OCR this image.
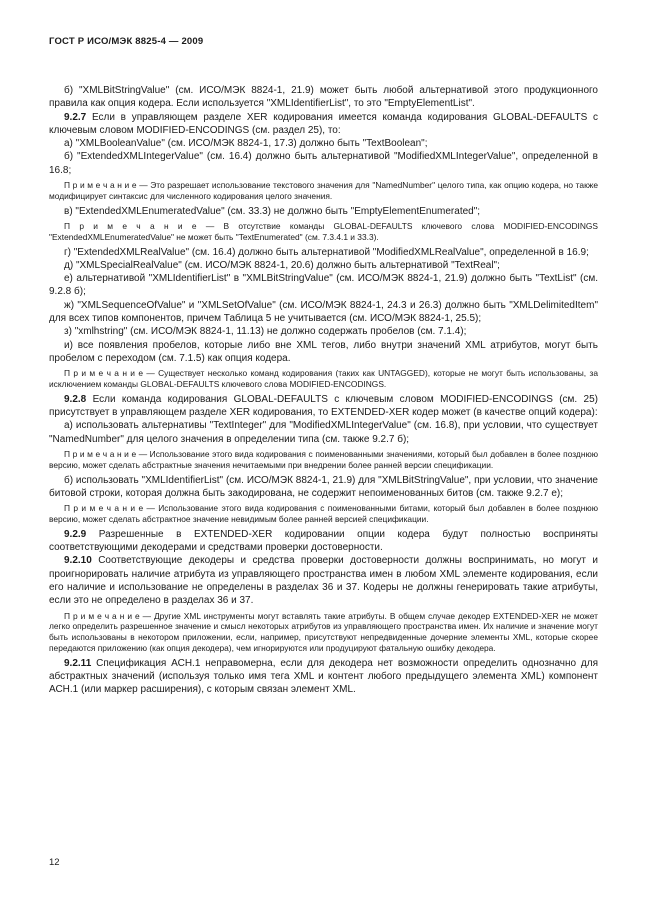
ГОСТ Р ИСО/МЭК 8825-4 — 2009

б) "XMLBitStringValue" (см. ИСО/МЭК 8824-1, 21.9) может быть любой альтернативой этого продукционного правила как опция кодера. Если используется "XMLIdentifierList", то это "EmptyElementList".

9.2.7 Если в управляющем разделе XER кодирования имеется команда кодирования GLOBAL-DEFAULTS с ключевым словом MODIFIED-ENCODINGS (см. раздел 25), то:

а) "XMLBooleanValue" (см. ИСО/МЭК 8824-1, 17.3) должно быть "TextBoolean";

б) "ExtendedXMLIntegerValue" (см. 16.4) должно быть альтернативой "ModifiedXMLIntegerValue", определенной в 16.8;

П р и м е ч а н и е — Это разрешает использование текстового значения для "NamedNumber" целого типа, как опцию кодера, но также модифицирует синтаксис для численного кодирования целого значения.

в) "ExtendedXMLEnumeratedValue" (см. 33.3) не должно быть "EmptyElementEnumerated";

П р и м е ч а н и е — В отсутствие команды GLOBAL-DEFAULTS ключевого слова MODIFIED-ENCODINGS "ExtendedXMLEnumeratedValue" не может быть "TextEnumerated" (см. 7.3.4.1 и 33.3).

г) "ExtendedXMLRealValue" (см. 16.4) должно быть альтернативой "ModifiedXMLRealValue", определенной в 16.9;

д) "XMLSpecialRealValue" (см. ИСО/МЭК 8824-1, 20.6) должно быть альтернативой "TextReal";

е) альтернативой "XMLIdentifierList" в "XMLBitStringValue" (см. ИСО/МЭК 8824-1, 21.9) должно быть "TextList" (см. 9.2.8 б);

ж) "XMLSequenceOfValue" и "XMLSetOfValue" (см. ИСО/МЭК 8824-1, 24.3 и 26.3) должно быть "XMLDelimitedItem" для всех типов компонентов, причем Таблица 5 не учитывается (см. ИСО/МЭК 8824-1, 25.5);

з) "xmlhstring" (см. ИСО/МЭК 8824-1, 11.13) не должно содержать пробелов (см. 7.1.4);

и) все появления пробелов, которые либо вне XML тегов, либо внутри значений XML атрибутов, могут быть пробелом с переходом (см. 7.1.5) как опция кодера.

П р и м е ч а н и е — Существует несколько команд кодирования (таких как UNTAGGED), которые не могут быть использованы, за исключением команды GLOBAL-DEFAULTS ключевого слова MODIFIED-ENCODINGS.

9.2.8 Если команда кодирования GLOBAL-DEFAULTS с ключевым словом MODIFIED-ENCODINGS (см. 25) присутствует в управляющем разделе XER кодирования, то EXTENDED-XER кодер может (в качестве опций кодера):

а) использовать альтернативы "TextInteger" для "ModifiedXMLIntegerValue" (см. 16.8), при условии, что существует "NamedNumber" для целого значения в определении типа (см. также 9.2.7 б);

П р и м е ч а н и е — Использование этого вида кодирования с поименованными значениями, который был добавлен в более позднюю версию, может сделать абстрактные значения нечитаемыми при внедрении более ранней версии спецификации.

б) использовать "XMLIdentifierList" (см. ИСО/МЭК 8824-1, 21.9) для "XMLBitStringValue", при условии, что значение битовой строки, которая должна быть закодирована, не содержит непоименованных битов (см. также 9.2.7 е);

П р и м е ч а н и е — Использование этого вида кодирования с поименованными битами, который был добавлен в более позднюю версию, может сделать абстрактное значение невидимым более ранней версией спецификации.

9.2.9 Разрешенные в EXTENDED-XER кодировании опции кодера будут полностью восприняты соответствующими декодерами и средствами проверки достоверности.

9.2.10 Соответствующие декодеры и средства проверки достоверности должны воспринимать, но могут и проигнорировать наличие атрибута из управляющего пространства имен в любом XML элементе кодирования, если его наличие и использование не определены в разделах 36 и 37. Кодеры не должны генерировать такие атрибуты, если это не определено в разделах 36 и 37.

П р и м е ч а н и е — Другие XML инструменты могут вставлять такие атрибуты. В общем случае декодер EXTENDED-XER не может легко определить разрешенное значение и смысл некоторых атрибутов из управляющего пространства имен. Их наличие и значение могут быть использованы в некотором приложении, если, например, присутствуют непредвиденные дочерние элементы XML, которые скорее передаются приложению (как опция декодера), чем игнорируются или продуцируют фатальную ошибку декодера.

9.2.11 Спецификация АСН.1 неправомерна, если для декодера нет возможности определить однозначно для абстрактных значений (используя только имя тега XML и контент любого предыдущего элемента XML) компонент АСН.1 (или маркер расширения), с которым связан элемент XML.

12
